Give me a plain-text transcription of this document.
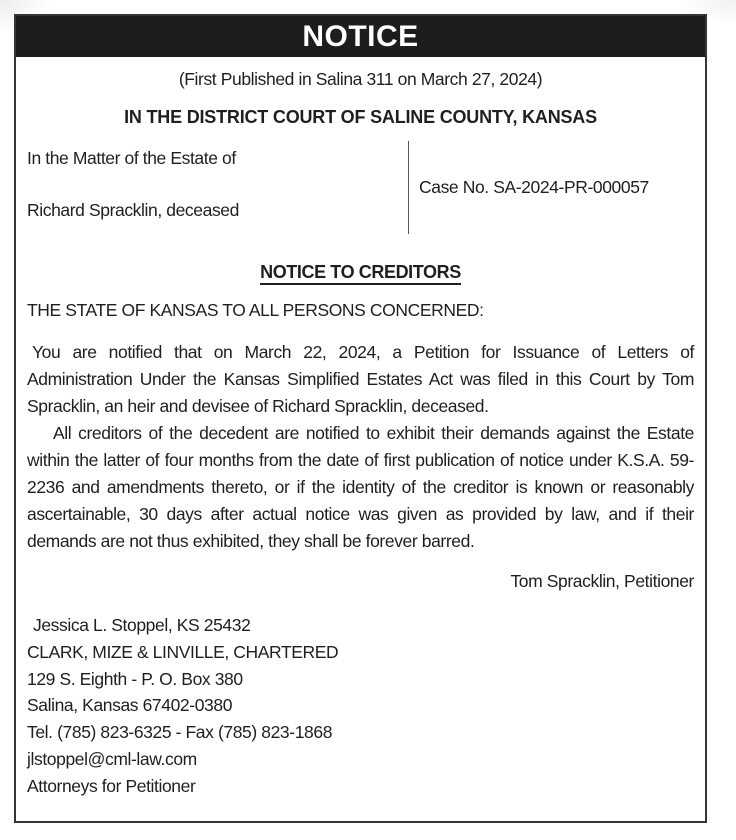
NOTICE

(First Published in Salina 311 on March 27, 2024)

IN THE DISTRICT COURT OF SALINE COUNTY, KANSAS

In the Matter of the Estate of

Richard Spracklin, deceased

Case No. SA-2024-PR-000057

NOTICE TO CREDITORS

THE STATE OF KANSAS TO ALL PERSONS CONCERNED:

You are notified that on March 22, 2024, a Petition for Issuance of Letters of Administration Under the Kansas Simplified Estates Act was filed in this Court by Tom Spracklin, an heir and devisee of Richard Spracklin, deceased.

All creditors of the decedent are notified to exhibit their demands against the Estate within the latter of four months from the date of first publication of notice under K.S.A. 59-2236 and amendments thereto, or if the identity of the creditor is known or reasonably ascertainable, 30 days after actual notice was given as provided by law, and if their demands are not thus exhibited, they shall be forever barred.

Tom Spracklin, Petitioner

Jessica L. Stoppel, KS 25432

CLARK, MIZE & LINVILLE, CHARTERED

129 S. Eighth - P. O. Box 380

Salina, Kansas 67402-0380

Tel. (785) 823-6325 - Fax (785) 823-1868

jlstoppel@cml-law.com

Attorneys for Petitioner
